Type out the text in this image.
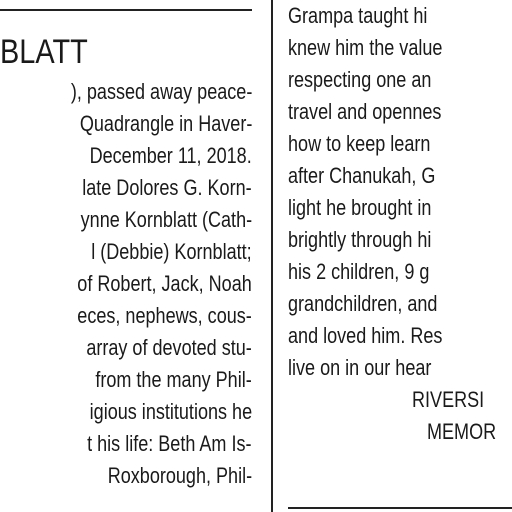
BLATT
), passed away peace-
Quadrangle in Haver-
December 11, 2018.
late Dolores G. Korn-
ynne Kornblatt (Cath-
l (Debbie) Kornblatt;
of Robert, Jack, Noah
eces, nephews, cous-
array of devoted stu-
from the many Phil-
igious institutions he
t his life: Beth Am Is-
Roxborough, Phil-
Grampa taught hi
knew him the value
respecting one an
travel and opennes
how to keep learn
after Chanukah, G
light he brought in
brightly through hi
his 2 children, 9 g
grandchildren, and
and loved him. Res
live on in our hear
RIVERSI
MEMOR
